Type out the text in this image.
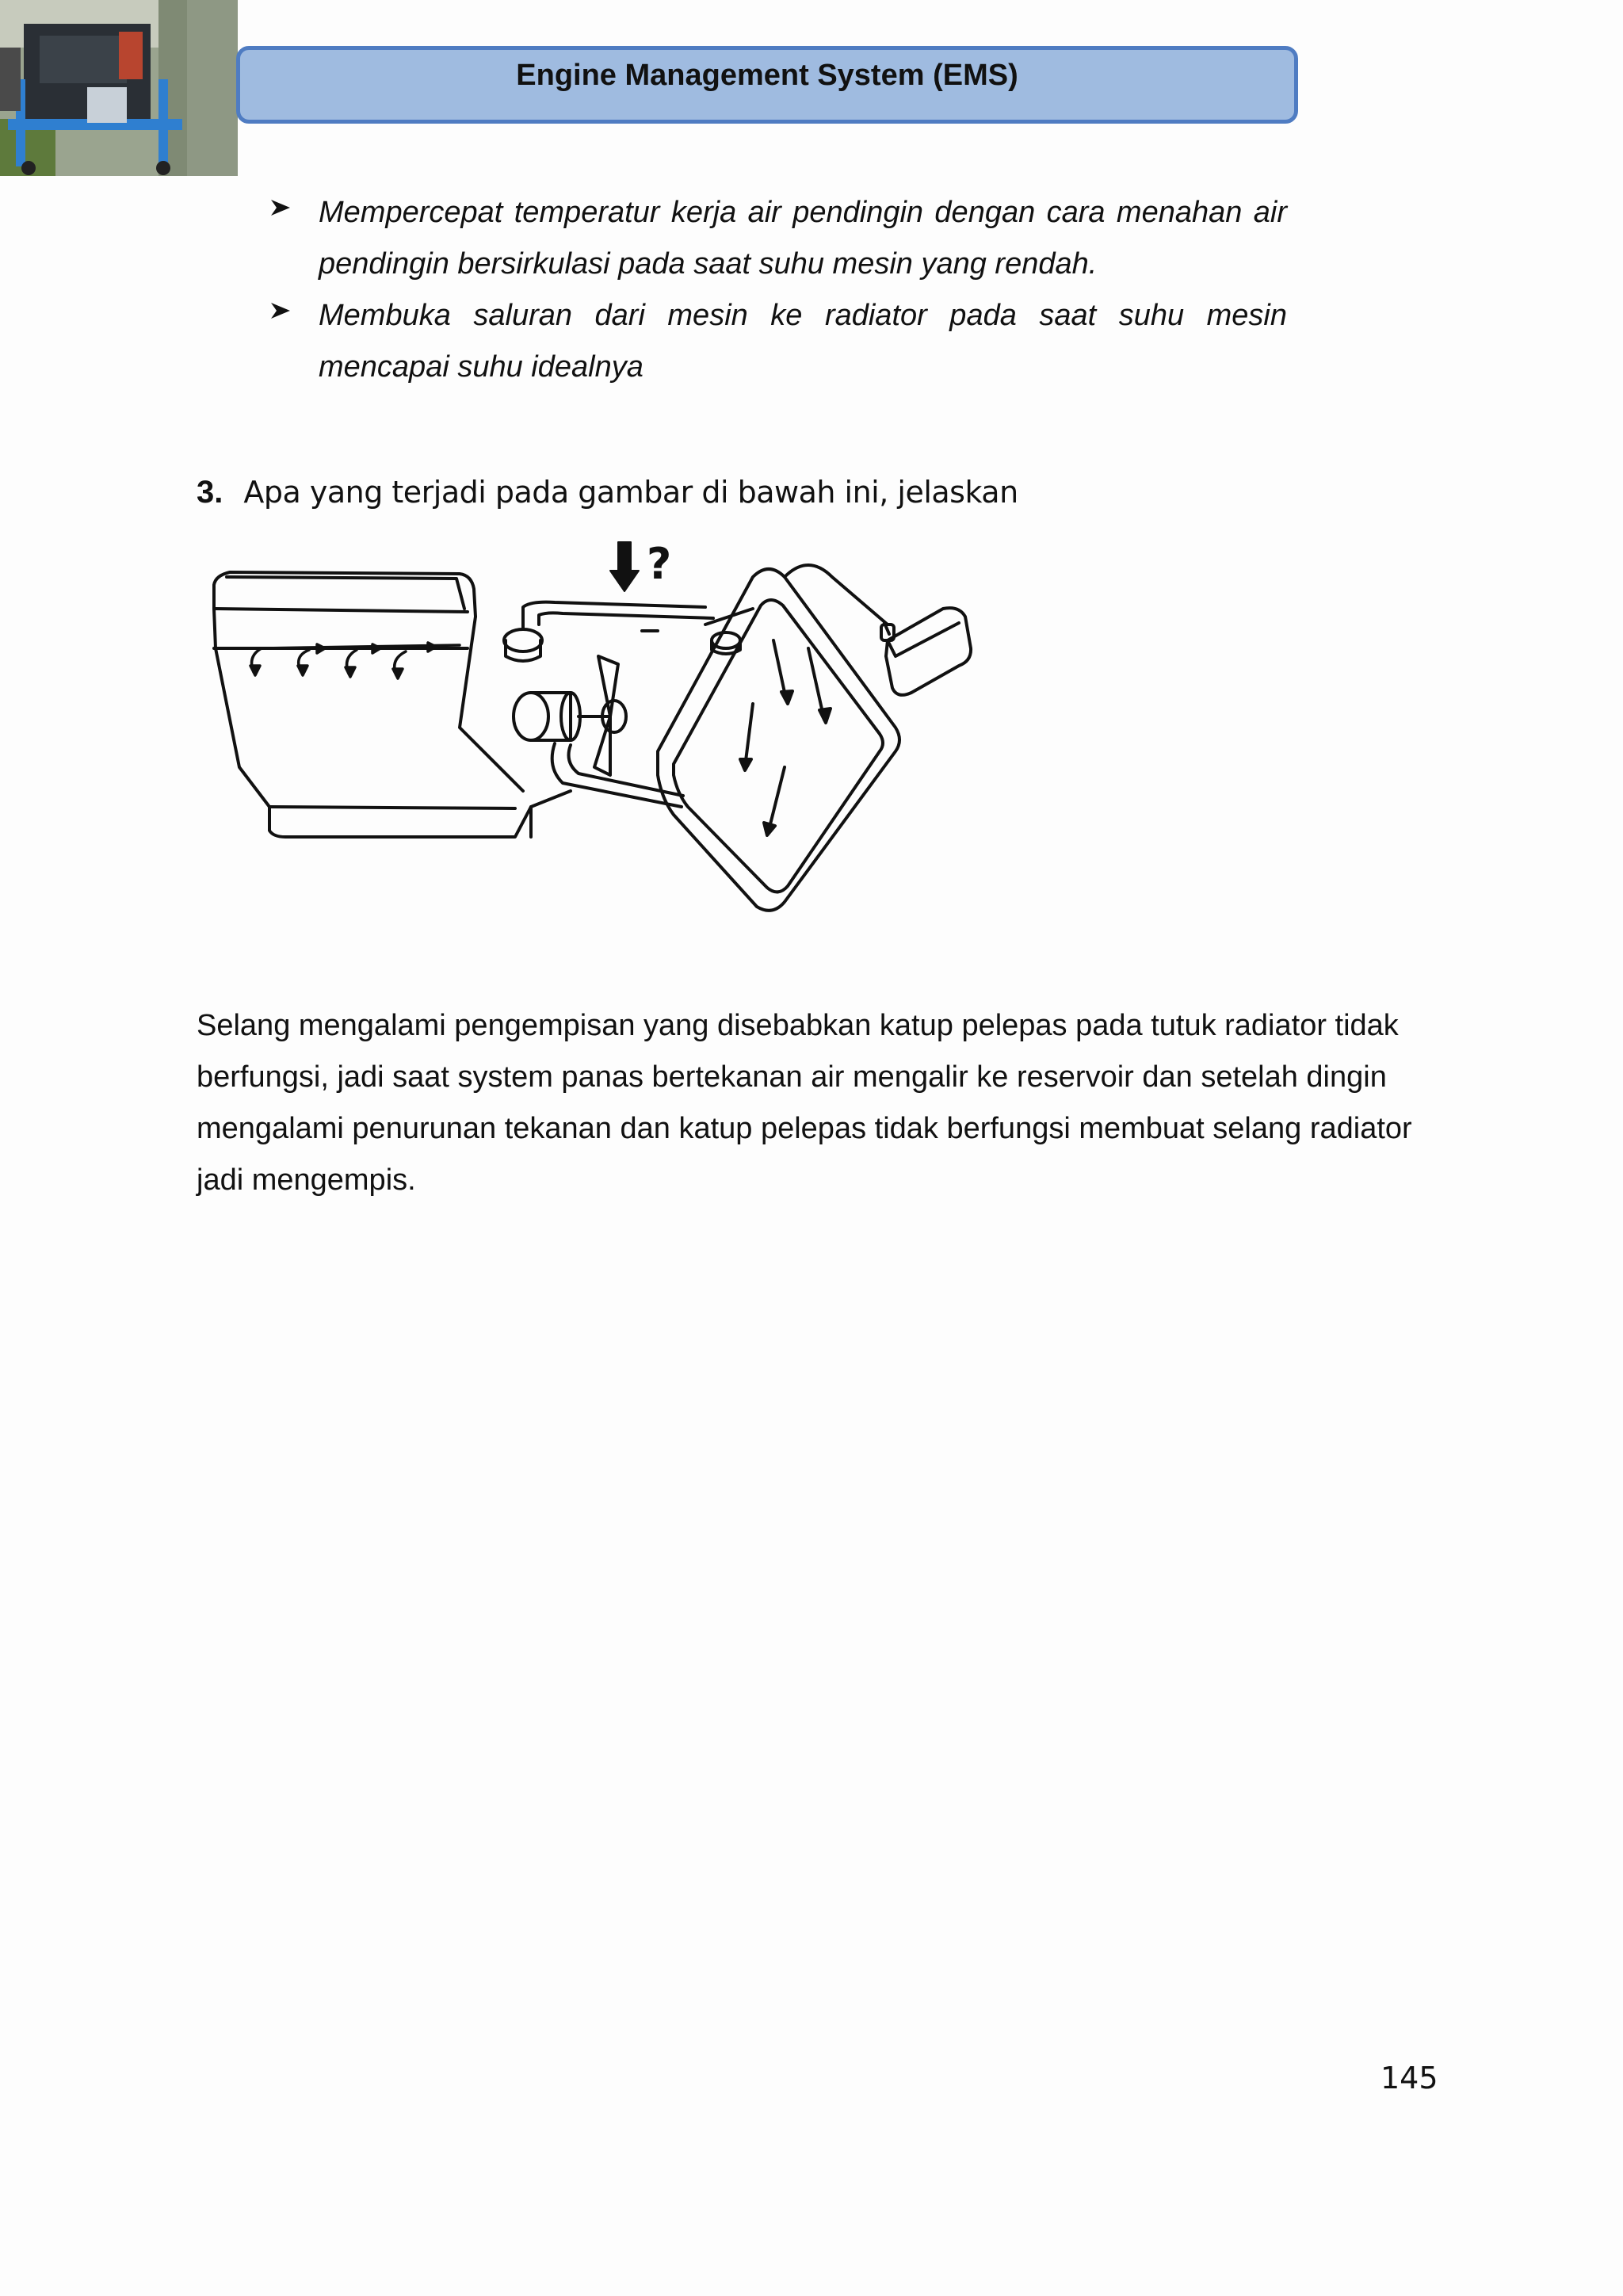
Engine Management System (EMS)
Mempercepat temperatur kerja air pendingin dengan cara menahan air pendingin bersirkulasi pada saat suhu mesin yang rendah.
Membuka saluran dari mesin ke radiator pada saat suhu mesin mencapai suhu idealnya
3. Apa yang terjadi pada gambar di bawah ini, jelaskan
?
Selang mengalami pengempisan yang disebabkan katup pelepas pada tutuk radiator tidak berfungsi, jadi saat system panas bertekanan air mengalir ke reservoir dan setelah dingin mengalami penurunan tekanan dan katup pelepas tidak berfungsi membuat selang radiator jadi mengempis.
145
